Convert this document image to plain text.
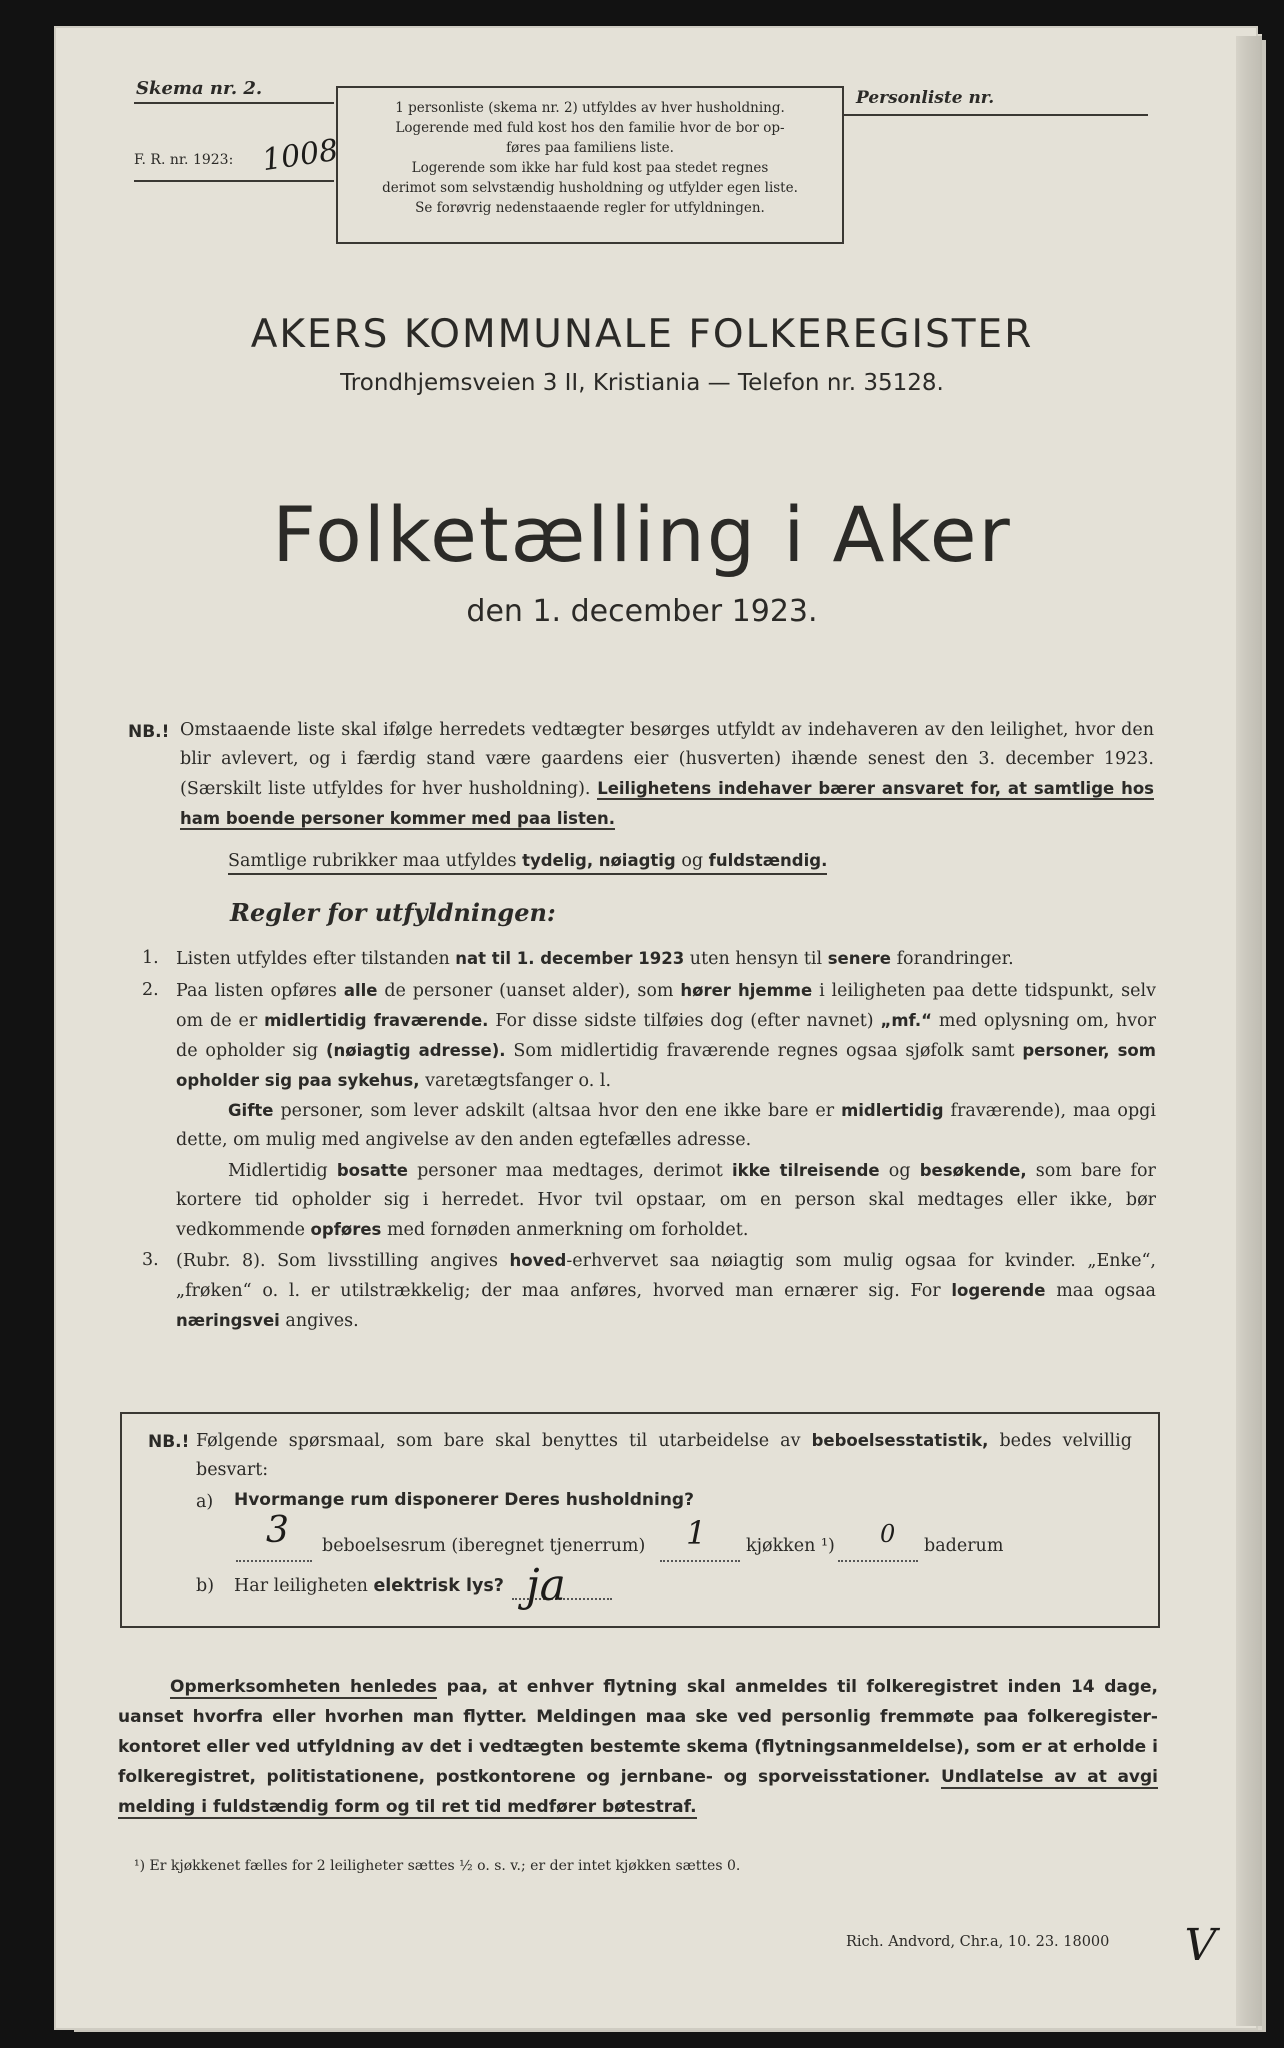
Skema nr. 2.
F. R. nr. 1923: 1008
1 personliste (skema nr. 2) utfyldes av hver husholdning.
Logerende med fuld kost hos den familie hvor de bor op-
føres paa familiens liste.
Logerende som ikke har fuld kost paa stedet regnes
derimot som selvstændig husholdning og utfylder egen liste.
Se forøvrig nedenstaaende regler for utfyldningen.
Personliste nr.
AKERS KOMMUNALE FOLKEREGISTER
Trondhjemsveien 3 II, Kristiania — Telefon nr. 35128.
Folketælling i Aker
den 1. december 1923.
NB.! Omstaaende liste skal ifølge herredets vedtægter besørges utfyldt av indehaveren av den leilighet, hvor den blir avlevert, og i færdig stand være gaardens eier (husverten) ihænde senest den 3. december 1923. (Særskilt liste utfyldes for hver husholdning). Leilighetens indehaver bærer ansvaret for, at samtlige hos ham boende personer kommer med paa listen.
Samtlige rubrikker maa utfyldes tydelig, nøiagtig og fuldstændig.
Regler for utfyldningen:
1. Listen utfyldes efter tilstanden nat til 1. december 1923 uten hensyn til senere forandringer.
2. Paa listen opføres alle de personer (uanset alder), som hører hjemme i leiligheten paa dette tidspunkt, selv om de er midlertidig fraværende. For disse sidste tilføies dog (efter navnet) „mf.“ med oplysning om, hvor de opholder sig (nøiagtig adresse). Som midlertidig fraværende regnes ogsaa sjøfolk samt personer, som opholder sig paa sykehus, varetægtsfanger o. l.
Gifte personer, som lever adskilt (altsaa hvor den ene ikke bare er midlertidig fraværende), maa opgi dette, om mulig med angivelse av den anden egtefælles adresse.
Midlertidig bosatte personer maa medtages, derimot ikke tilreisende og besøkende, som bare for kortere tid opholder sig i herredet. Hvor tvil opstaar, om en person skal medtages eller ikke, bør vedkommende opføres med fornøden anmerkning om forholdet.
3. (Rubr. 8). Som livsstilling angives hoved-erhvervet saa nøiagtig som mulig ogsaa for kvinder. „Enke“, „frøken“ o. l. er utilstrækkelig; der maa anføres, hvorved man ernærer sig. For logerende maa ogsaa næringsvei angives.
NB.! Følgende spørsmaal, som bare skal benyttes til utarbeidelse av beboelsesstatistik, bedes velvillig besvart:
a) Hvormange rum disponerer Deres husholdning?
3 beboelsesrum (iberegnet tjenerrum) 1 kjøkken ¹) 0 baderum
b) Har leiligheten elektrisk lys? ja
Opmerksomheten henledes paa, at enhver flytning skal anmeldes til folkeregistret inden 14 dage, uanset hvorfra eller hvorhen man flytter. Meldingen maa ske ved personlig fremmøte paa folkeregister-kontoret eller ved utfyldning av det i vedtægten bestemte skema (flytningsanmeldelse), som er at erholde i folkeregistret, politistationene, postkontorene og jernbane- og sporveisstationer. Undlatelse av at avgi melding i fuldstændig form og til ret tid medfører bøtestraf.
¹) Er kjøkkenet fælles for 2 leiligheter sættes ½ o. s. v.; er der intet kjøkken sættes 0.
Rich. Andvord, Chr.a, 10. 23. 18000 V
